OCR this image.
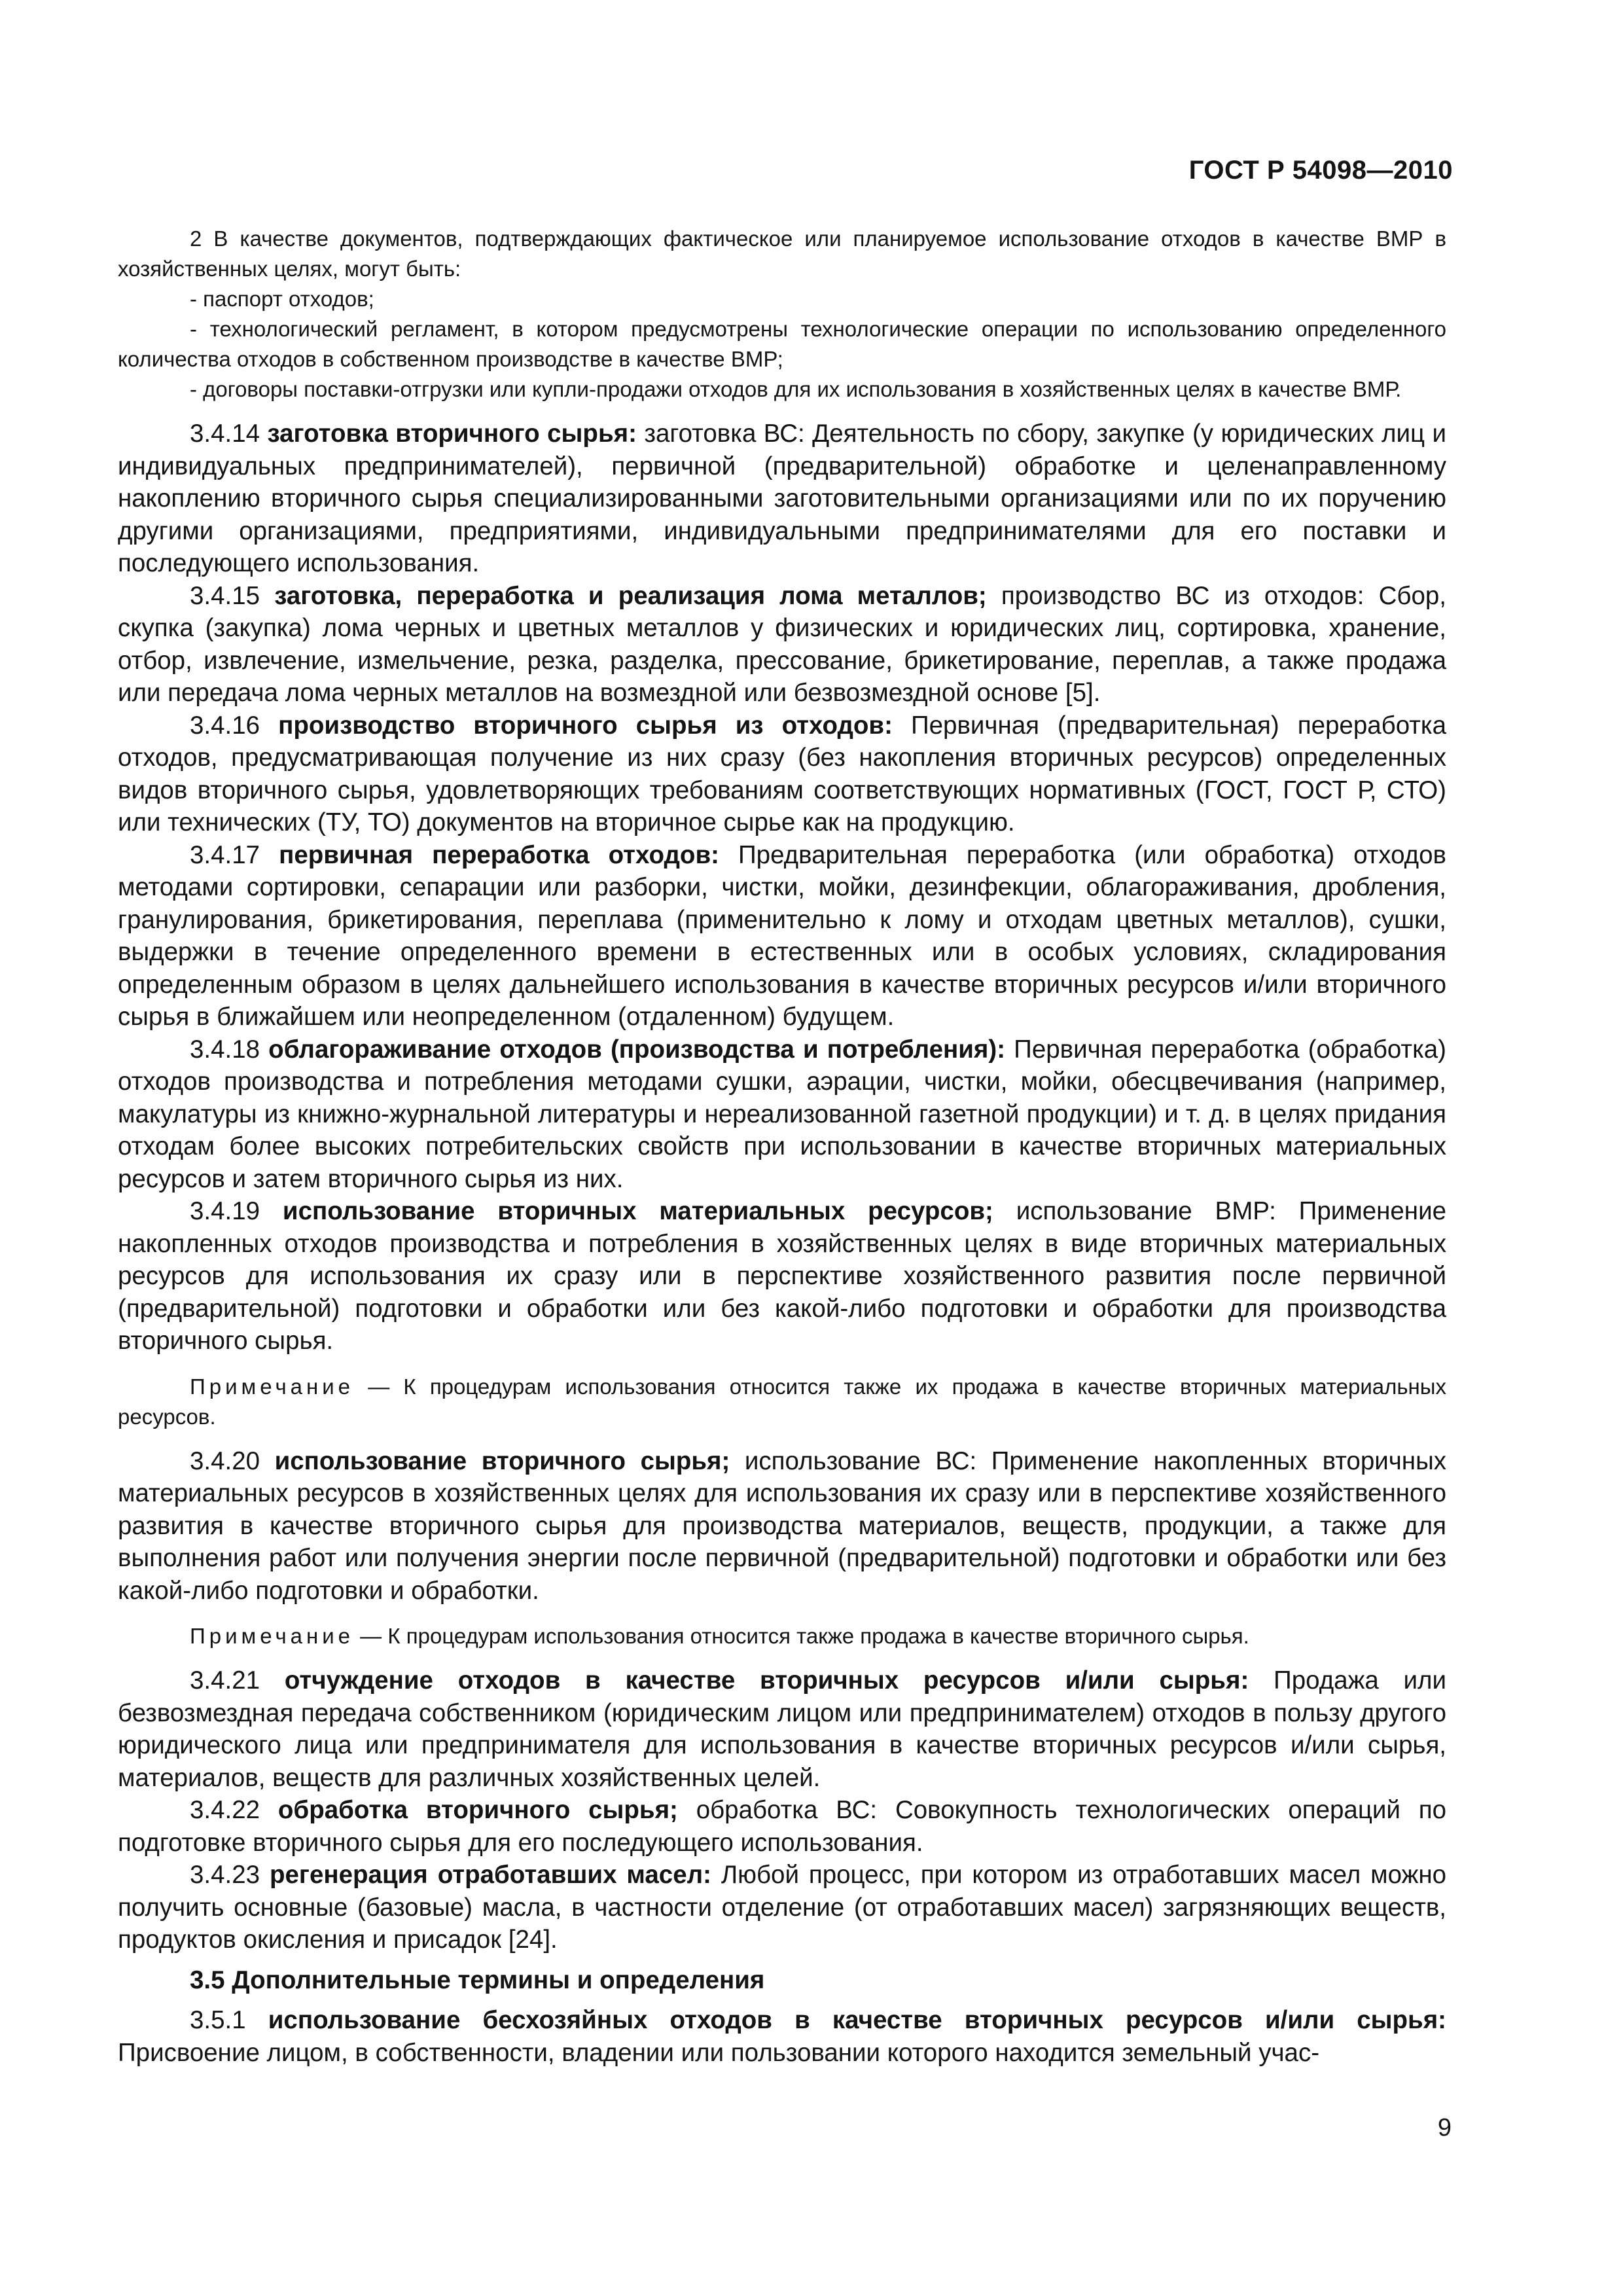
ГОСТ Р 54098—2010

2 В качестве документов, подтверждающих фактическое или планируемое использование отходов в качестве ВМР в хозяйственных целях, могут быть:

- паспорт отходов;

- технологический регламент, в котором предусмотрены технологические операции по использованию определенного количества отходов в собственном производстве в качестве ВМР;

- договоры поставки-отгрузки или купли-продажи отходов для их использования в хозяйственных целях в качестве ВМР.

3.4.14 заготовка вторичного сырья: заготовка ВС: Деятельность по сбору, закупке (у юридических лиц и индивидуальных предпринимателей), первичной (предварительной) обработке и целенаправленному накоплению вторичного сырья специализированными заготовительными организациями или по их поручению другими организациями, предприятиями, индивидуальными предпринимателями для его поставки и последующего использования.

3.4.15 заготовка, переработка и реализация лома металлов; производство ВС из отходов: Сбор, скупка (закупка) лома черных и цветных металлов у физических и юридических лиц, сортировка, хранение, отбор, извлечение, измельчение, резка, разделка, прессование, брикетирование, переплав, а также продажа или передача лома черных металлов на возмездной или безвозмездной основе [5].

3.4.16 производство вторичного сырья из отходов: Первичная (предварительная) переработка отходов, предусматривающая получение из них сразу (без накопления вторичных ресурсов) определенных видов вторичного сырья, удовлетворяющих требованиям соответствующих нормативных (ГОСТ, ГОСТ Р, СТО) или технических (ТУ, ТО) документов на вторичное сырье как на продукцию.

3.4.17 первичная переработка отходов: Предварительная переработка (или обработка) отходов методами сортировки, сепарации или разборки, чистки, мойки, дезинфекции, облагораживания, дробления, гранулирования, брикетирования, переплава (применительно к лому и отходам цветных металлов), сушки, выдержки в течение определенного времени в естественных или в особых условиях, складирования определенным образом в целях дальнейшего использования в качестве вторичных ресурсов и/или вторичного сырья в ближайшем или неопределенном (отдаленном) будущем.

3.4.18 облагораживание отходов (производства и потребления): Первичная переработка (обработка) отходов производства и потребления методами сушки, аэрации, чистки, мойки, обесцвечивания (например, макулатуры из книжно-журнальной литературы и нереализованной газетной продукции) и т. д. в целях придания отходам более высоких потребительских свойств при использовании в качестве вторичных материальных ресурсов и затем вторичного сырья из них.

3.4.19 использование вторичных материальных ресурсов; использование ВМР: Применение накопленных отходов производства и потребления в хозяйственных целях в виде вторичных материальных ресурсов для использования их сразу или в перспективе хозяйственного развития после первичной (предварительной) подготовки и обработки или без какой-либо подготовки и обработки для производства вторичного сырья.

Примечание — К процедурам использования относится также их продажа в качестве вторичных материальных ресурсов.

3.4.20 использование вторичного сырья; использование ВС: Применение накопленных вторичных материальных ресурсов в хозяйственных целях для использования их сразу или в перспективе хозяйственного развития в качестве вторичного сырья для производства материалов, веществ, продукции, а также для выполнения работ или получения энергии после первичной (предварительной) подготовки и обработки или без какой-либо подготовки и обработки.

Примечание — К процедурам использования относится также продажа в качестве вторичного сырья.

3.4.21 отчуждение отходов в качестве вторичных ресурсов и/или сырья: Продажа или безвозмездная передача собственником (юридическим лицом или предпринимателем) отходов в пользу другого юридического лица или предпринимателя для использования в качестве вторичных ресурсов и/или сырья, материалов, веществ для различных хозяйственных целей.

3.4.22 обработка вторичного сырья; обработка ВС: Совокупность технологических операций по подготовке вторичного сырья для его последующего использования.

3.4.23 регенерация отработавших масел: Любой процесс, при котором из отработавших масел можно получить основные (базовые) масла, в частности отделение (от отработавших масел) загрязняющих веществ, продуктов окисления и присадок [24].

3.5 Дополнительные термины и определения

3.5.1 использование бесхозяйных отходов в качестве вторичных ресурсов и/или сырья: Присвоение лицом, в собственности, владении или пользовании которого находится земельный учас-

9
